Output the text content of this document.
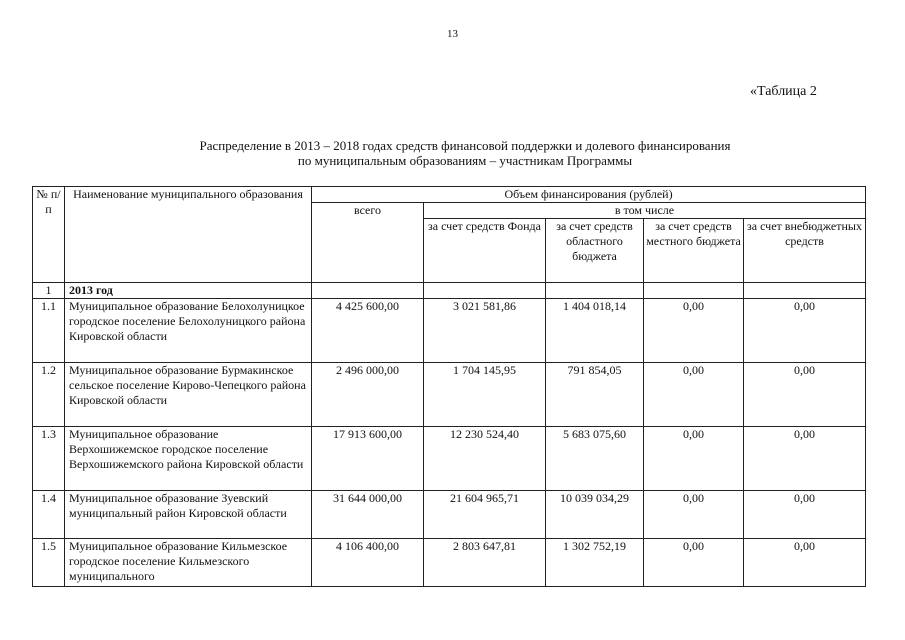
13
«Таблица 2
Распределение в 2013 – 2018 годах средств финансовой поддержки и долевого финансирования
по муниципальным образованиям – участникам Программы
№ п/п	Наименование муниципального образования	Объем финансирования (рублей)				
		всего	в том числе			
			за счет средств Фонда	за счет средств областного бюджета	за счет средств местного бюджета	за счет внебюджетных средств
1	2013 год					
1.1	Муниципальное образование Белохолуницкое городское поселение Белохолуницкого района Кировской области	4 425 600,00	3 021 581,86	1 404 018,14	0,00	0,00
1.2	Муниципальное образование Бурмакинское сельское поселение Кирово-Чепецкого района Кировской области	2 496 000,00	1 704 145,95	791 854,05	0,00	0,00
1.3	Муниципальное образование Верхошижемское городское поселение Верхошижемского района Кировской области	17 913 600,00	12 230 524,40	5 683 075,60	0,00	0,00
1.4	Муниципальное образование Зуевский муниципальный район Кировской области	31 644 000,00	21 604 965,71	10 039 034,29	0,00	0,00
1.5	Муниципальное образование Кильмезское городское поселение Кильмезского муниципального	4 106 400,00	2 803 647,81	1 302 752,19	0,00	0,00
